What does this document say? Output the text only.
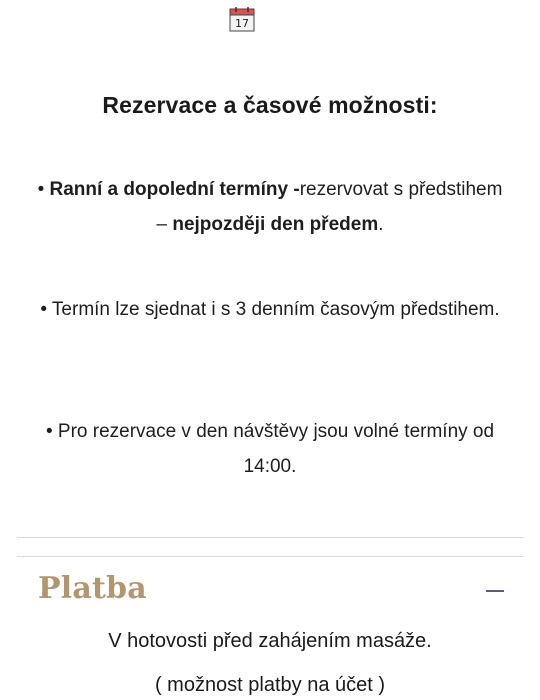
17
Rezervace a časové možnosti:
• Ranní a dopolední termíny -rezervovat s předstihem – nejpozději den předem.
• Termín lze sjednat i s 3 denním časovým předstihem.
• Pro rezervace v den návštěvy jsou volné termíny od 14:00.
Platba
V hotovosti před zahájením masáže.
( možnost platby na účet )
